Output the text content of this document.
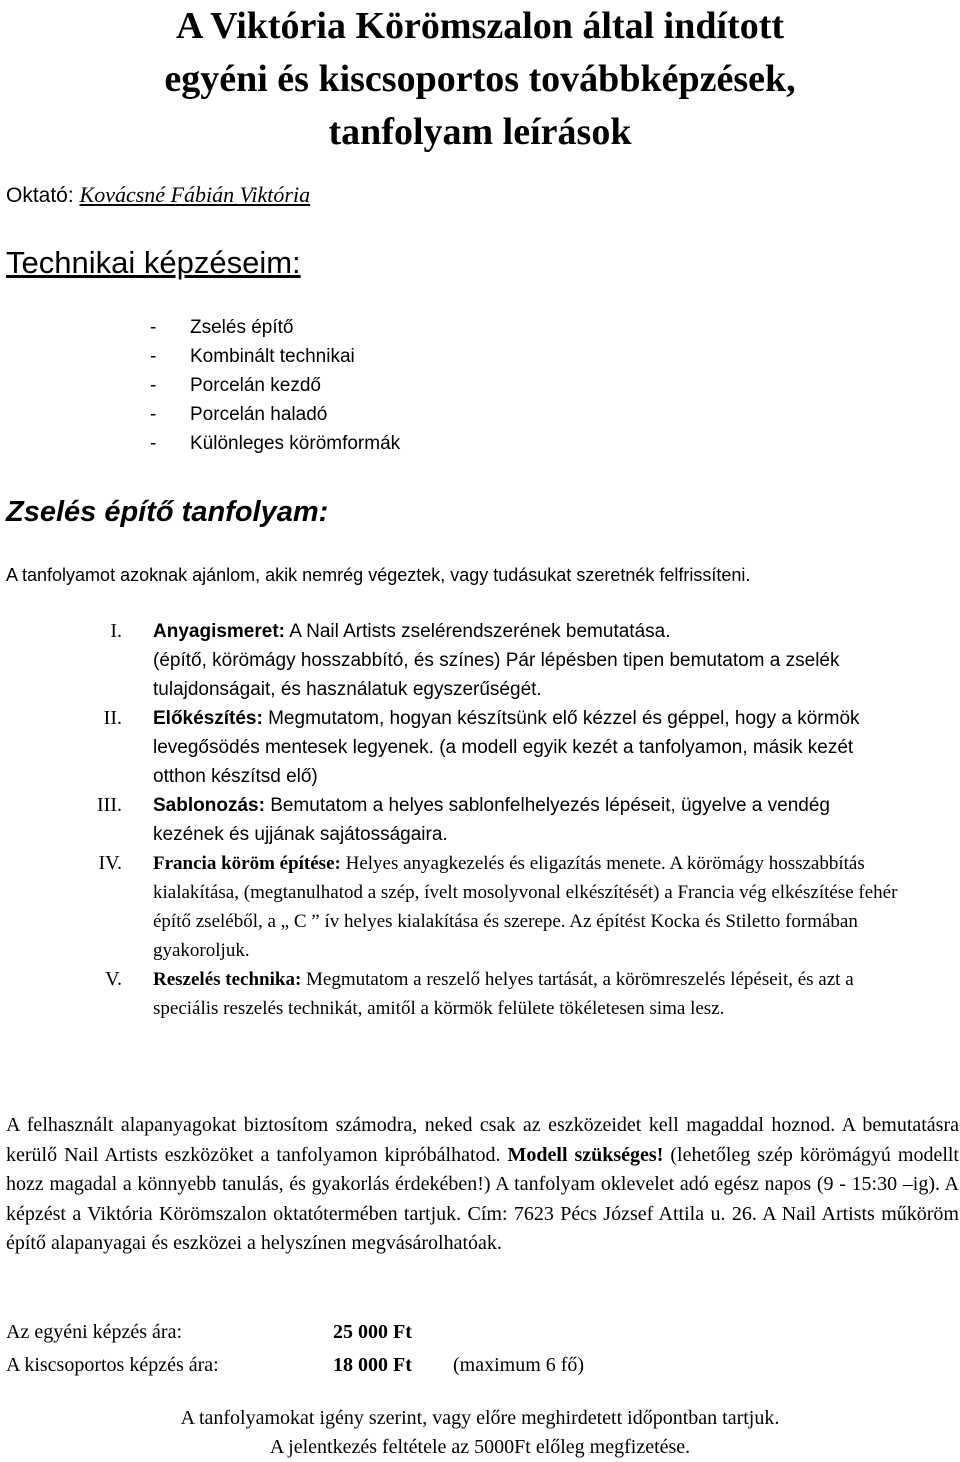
A Viktória Körömszalon által indított
egyéni és kiscsoportos továbbképzések,
tanfolyam leírások
Oktató: Kovácsné Fábián Viktória
Technikai képzéseim:
- Zselés építő
- Kombinált technikai
- Porcelán kezdő
- Porcelán haladó
- Különleges körömformák
Zselés építő tanfolyam:

A tanfolyamot azoknak ajánlom, akik nemrég végeztek, vagy tudásukat szeretnék felfrissíteni.

I. Anyagismeret: A Nail Artists zselérendszerének bemutatása.
(építő, körömágy hosszabbító, és színes) Pár lépésben tipen bemutatom a zselék tulajdonságait, és használatuk egyszerűségét.
II. Előkészítés: Megmutatom, hogyan készítsünk elő kézzel és géppel, hogy a körmök levegősödés mentesek legyenek. (a modell egyik kezét a tanfolyamon, másik kezét otthon készítsd elő)
III. Sablonozás: Bemutatom a helyes sablonfelhelyezés lépéseit, ügyelve a vendég kezének és ujjának sajátosságaira.
IV. Francia köröm építése: Helyes anyagkezelés és eligazítás menete. A körömágy hosszabbítás kialakítása, (megtanulhatod a szép, ívelt mosolyvonal elkészítését) a Francia vég elkészítése fehér építő zseléből, a „ C ” ív helyes kialakítása és szerepe. Az építést Kocka és Stiletto formában gyakoroljuk.
V. Reszelés technika: Megmutatom a reszelő helyes tartását, a körömreszelés lépéseit, és azt a speciális reszelés technikát, amitől a körmök felülete tökéletesen sima lesz.

A felhasznált alapanyagokat biztosítom számodra, neked csak az eszközeidet kell magaddal hoznod. A bemutatásra kerülő Nail Artists eszközöket a tanfolyamon kipróbálhatod. Modell szükséges! (lehetőleg szép körömágyú modellt hozz magadal a könnyebb tanulás, és gyakorlás érdekében!) A tanfolyam oklevelet adó egész napos (9 - 15:30 –ig). A képzést a Viktória Körömszalon oktatótermében tartjuk. Cím: 7623 Pécs József Attila u. 26. A Nail Artists műköröm építő alapanyagai és eszközei a helyszínen megvásárolhatóak.

Az egyéni képzés ára:	25 000 Ft
A kiscsoportos képzés ára:	18 000 Ft	(maximum 6 fő)
A tanfolyamokat igény szerint, vagy előre meghirdetett időpontban tartjuk.
A jelentkezés feltétele az 5000Ft előleg megfizetése.
